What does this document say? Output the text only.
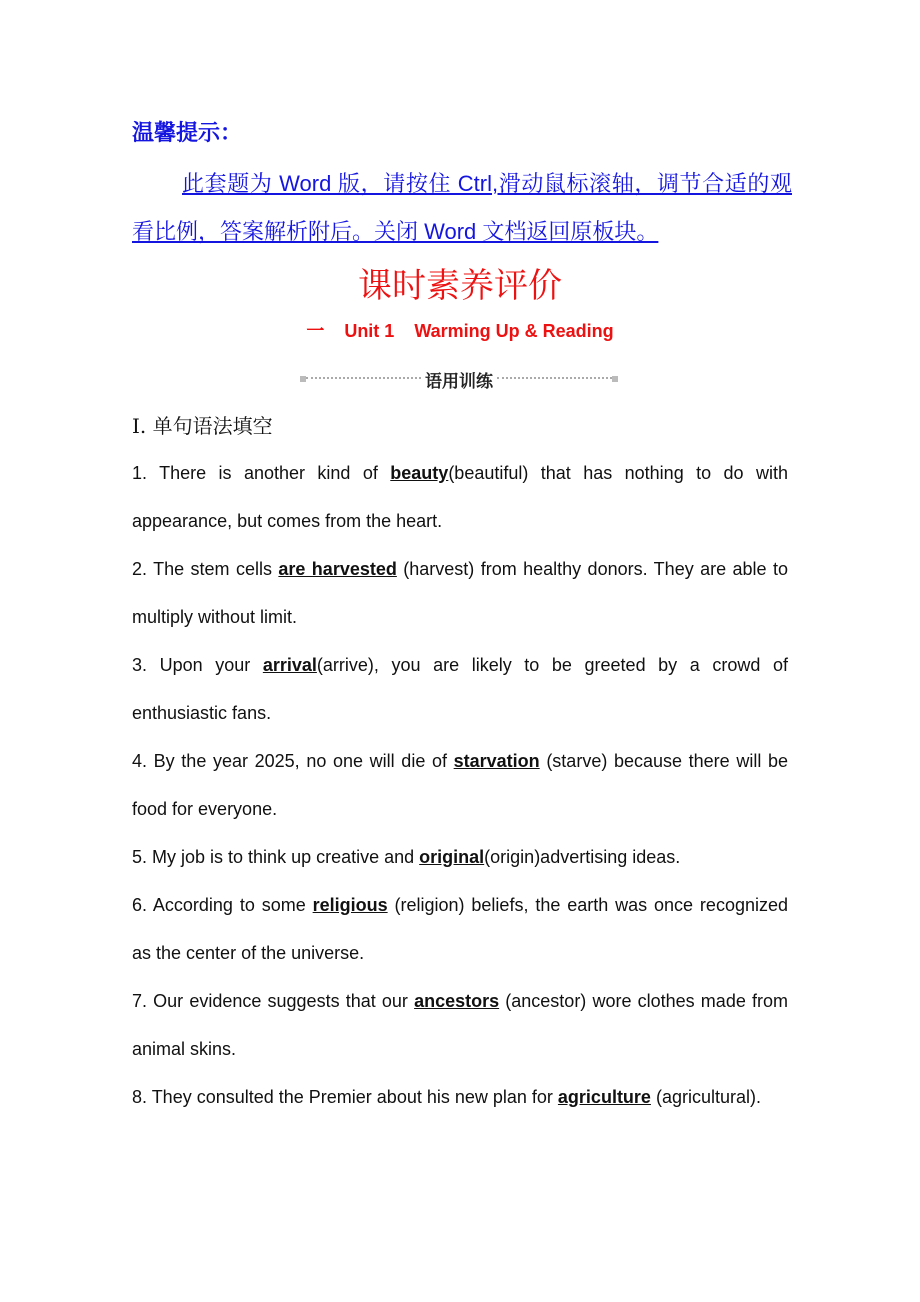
温馨提示：
此套题为 Word 版，请按住 Ctrl,滑动鼠标滚轴，调节合适的观看比例，答案解析附后。关闭 Word 文档返回原板块。
课时素养评价
一    Unit 1    Warming Up & Reading
语用训练
Ⅰ. 单句语法填空

1. There is another kind of beauty(beautiful) that has nothing to do with appearance, but comes from the heart.

2. The stem cells are harvested (harvest) from healthy donors. They are able to multiply without limit.

3. Upon your arrival(arrive), you are likely to be greeted by a crowd of enthusiastic fans.

4. By the year 2025, no one will die of starvation (starve) because there will be food for everyone.

5. My job is to think up creative and original(origin)advertising ideas.

6. According to some religious (religion) beliefs, the earth was once recognized as the center of the universe.

7. Our evidence suggests that our ancestors (ancestor) wore clothes made from animal skins.

8. They consulted the Premier about his new plan for agriculture (agricultural).
